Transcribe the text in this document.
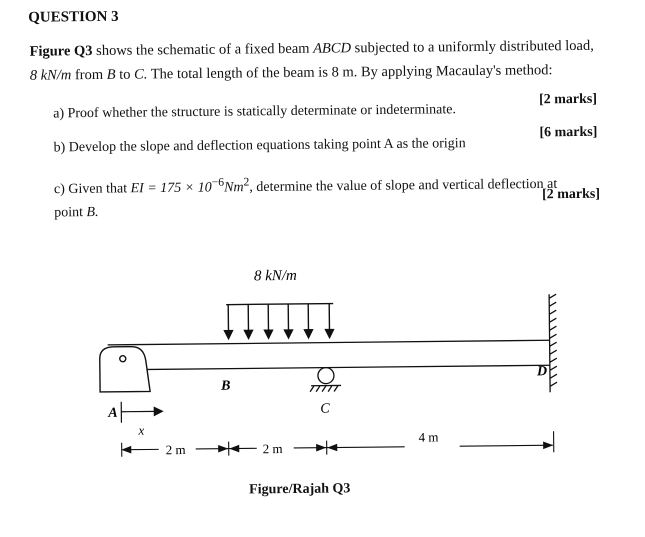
QUESTION 3
Figure Q3 shows the schematic of a fixed beam ABCD subjected to a uniformly distributed load,
8 kN/m from B to C. The total length of the beam is 8 m. By applying Macaulay's method:
a) Proof whether the structure is statically determinate or indeterminate.
[2 marks]
b) Develop the slope and deflection equations taking point A as the origin
[6 marks]
c) Given that EI = $175 \times 10^{-6}Nm^2$, determine the value of slope and vertical deflection at
point B.
[2 marks]
8 kN/m
A
B
C
D
x
2 m	2 m
4 m
Figure/Rajah Q3
